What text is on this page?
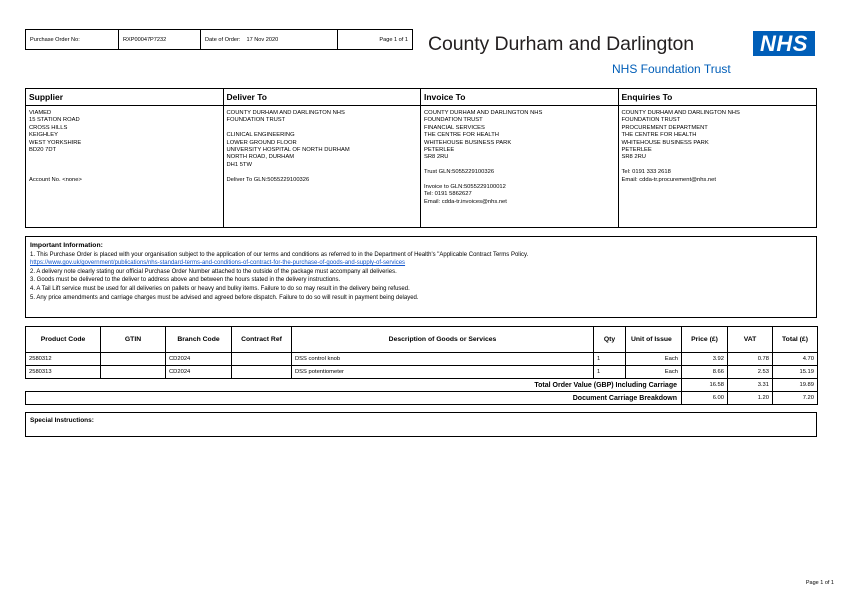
Purchase Order No:	RXP00047P7232	Date of Order: 17 Nov 2020	Page 1 of 1 County Durham and Darlington	NHS
NHS Foundation Trust
Supplier
VIAMED
15 STATION ROAD
CROSS HILLS
KEIGHLEY
WEST YORKSHIRE
BD20 7DT
Account No. <none>
Deliver To
COUNTY DURHAM AND DARLINGTON NHS
FOUNDATION TRUST
CLINICAL ENGINEERING
LOWER GROUND FLOOR
UNIVERSITY HOSPITAL OF NORTH DURHAM
NORTH ROAD, DURHAM
DH1 5TW
Deliver To GLN:5055229100326
Invoice To
COUNTY DURHAM AND DARLINGTON NHS
FOUNDATION TRUST
FINANCIAL SERVICES
THE CENTRE FOR HEALTH
WHITEHOUSE BUSINESS PARK
PETERLEE
SR8 2RU
Trust GLN:5055229100326
Invoice to GLN:5055229100012
Tel: 0191 5862627
Email: cdda-tr.invoices@nhs.net
Enquiries To
COUNTY DURHAM AND DARLINGTON NHS
FOUNDATION TRUST
PROCUREMENT DEPARTMENT
THE CENTRE FOR HEALTH
WHITEHOUSE BUSINESS PARK
PETERLEE
SR8 2RU
Tel: 0191 333 2618
Email: cdda-tr.procurement@nhs.net
Important Information:
1. This Purchase Order is placed with your organisation subject to the application of our terms and conditions as referred to in the Department of Health's "Applicable Contract Terms Policy.
https://www.gov.uk/government/publications/nhs-standard-terms-and-conditions-of-contract-for-the-purchase-of-goods-and-supply-of-services
2. A delivery note clearly stating our official Purchase Order Number attached to the outside of the package must accompany all deliveries.
3. Goods must be delivered to the deliver to address above and between the hours stated in the delivery instructions.
4. A Tail Lift service must be used for all deliveries on pallets or heavy and bulky items. Failure to do so may result in the delivery being refused.
5. Any price amendments and carriage charges must be advised and agreed before dispatch. Failure to do so will result in payment being delayed.
Product Code	GTIN	Branch Code	Contract Ref	Description of Goods or Services	Qty	Unit of Issue	Price (£)	VAT	Total (£)
2580312		CD2024		DSS control knob	1	Each	3.92	0.78	4.70
2580313		CD2024		DSS potentiometer	1	Each	8.66	2.53	15.19
Total Order Value (GBP) Including Carriage							16.58	3.31	19.89
Document Carriage Breakdown							6.00	1.20	7.20
Special Instructions:
Page 1 of 1
